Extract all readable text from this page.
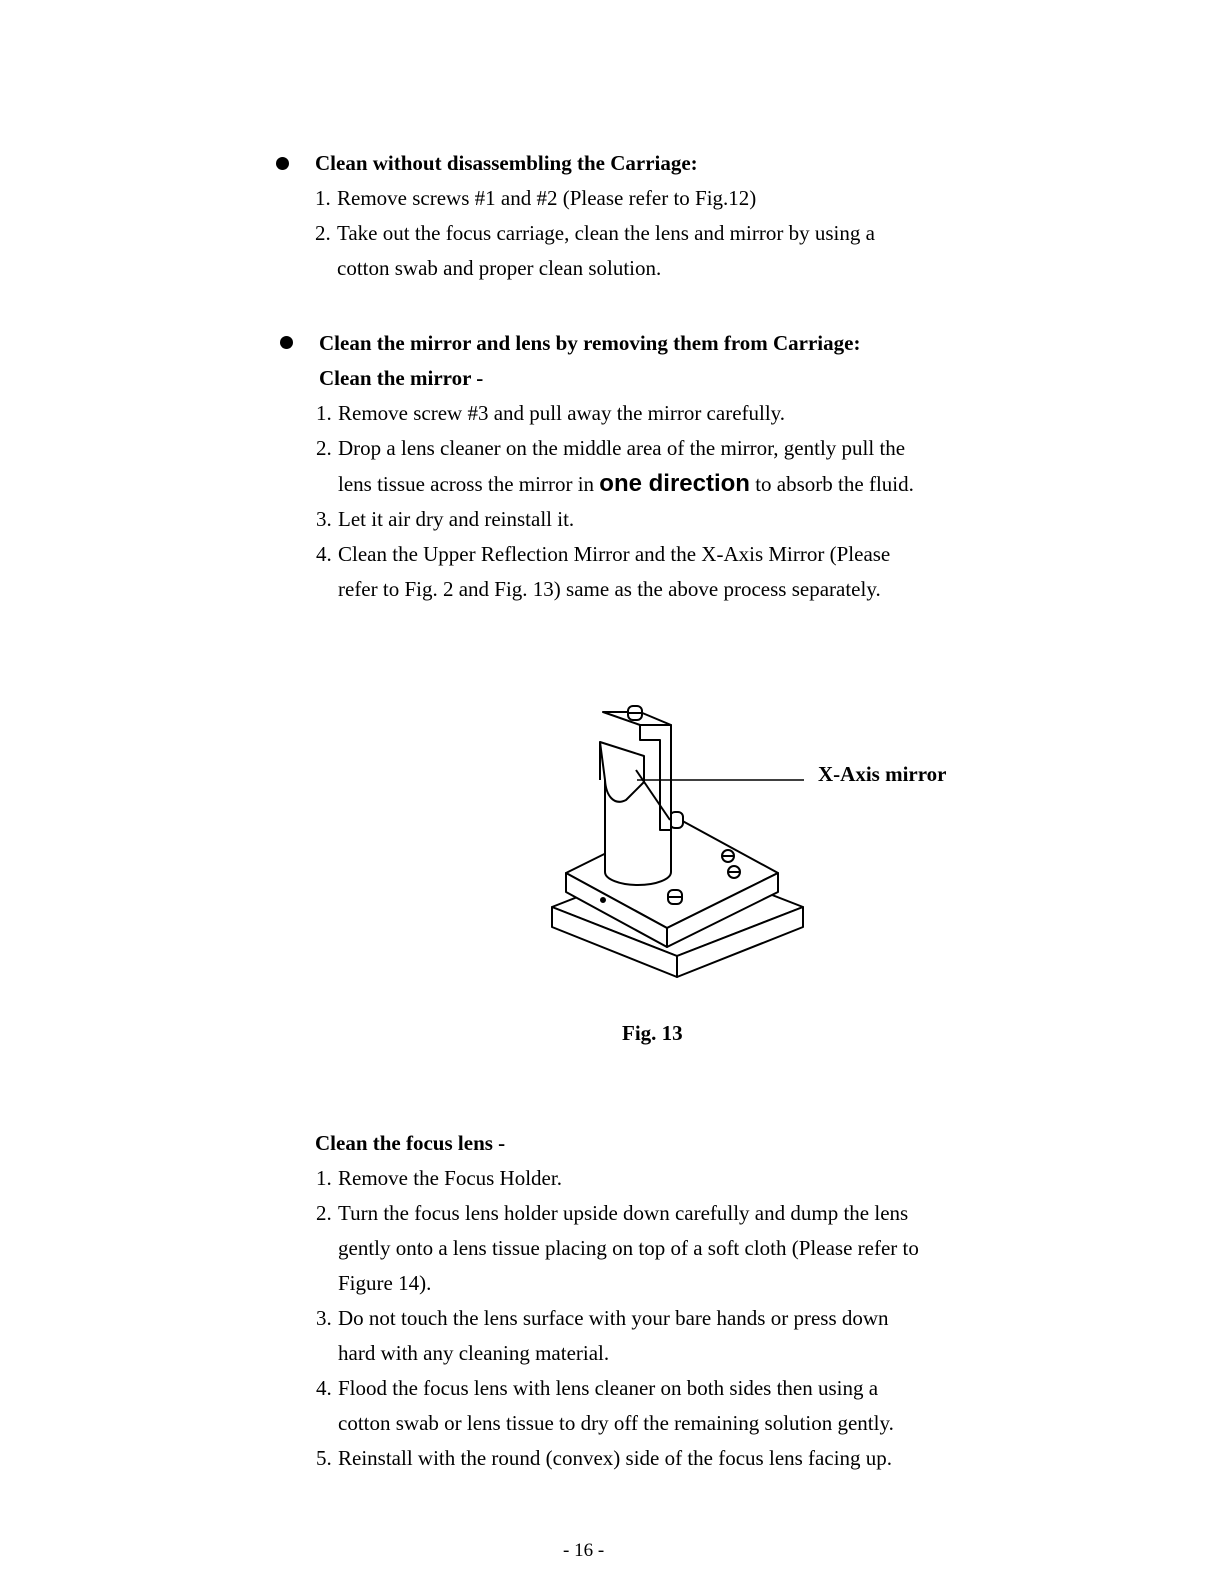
Clean without disassembling the Carriage:
1. Remove screws #1 and #2 (Please refer to Fig.12)
2. Take out the focus carriage, clean the lens and mirror by using a
cotton swab and proper clean solution.
Clean the mirror and lens by removing them from Carriage:
Clean the mirror -
1. Remove screw #3 and pull away the mirror carefully.
2. Drop a lens cleaner on the middle area of the mirror, gently pull the
lens tissue across the mirror in one direction to absorb the fluid.
3. Let it air dry and reinstall it.
4. Clean the Upper Reflection Mirror and the X-Axis Mirror (Please
refer to Fig. 2 and Fig. 13) same as the above process separately.
X-Axis mirror
Fig. 13
Clean the focus lens -
1. Remove the Focus Holder.
2. Turn the focus lens holder upside down carefully and dump the lens
gently onto a lens tissue placing on top of a soft cloth (Please refer to
Figure 14).
3. Do not touch the lens surface with your bare hands or press down
hard with any cleaning material.
4. Flood the focus lens with lens cleaner on both sides then using a
cotton swab or lens tissue to dry off the remaining solution gently.
5. Reinstall with the round (convex) side of the focus lens facing up.
- 16 -
